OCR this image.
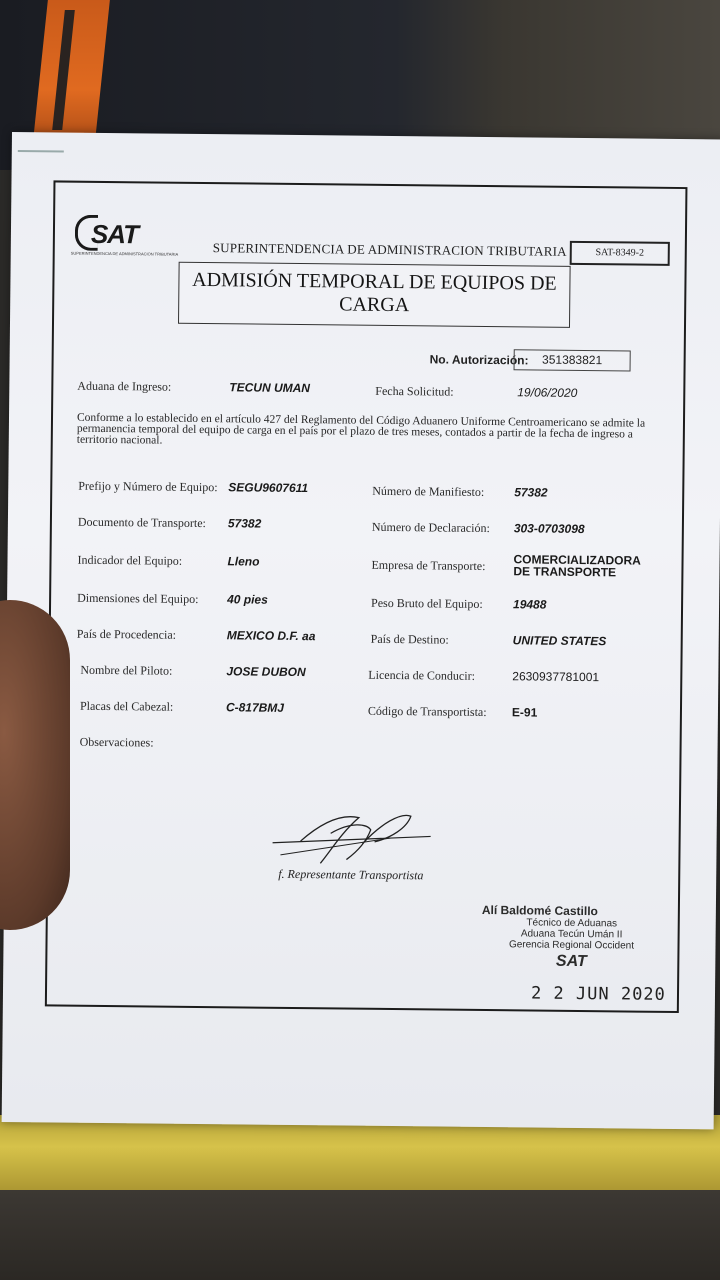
SAT
SUPERINTENDENCIA DE ADMINISTRACION TRIBUTARIA	SUPERINTENDENCIA DE ADMINISTRACION TRIBUTARIA	SAT-8349-2
ADMISIÓN TEMPORAL DE EQUIPOS DE
CARGA
No. Autorización:	351383821
Aduana de Ingreso:	TECUN UMAN	Fecha Solicitud:	19/06/2020
Conforme a lo establecido en el artículo 427 del Reglamento del Código Aduanero Uniforme Centroamericano se admite la permanencia temporal del equipo de carga en el país por el plazo de tres meses, contados a partir de la fecha de ingreso a territorio nacional.
Prefijo y Número de Equipo: SEGU9607611	Número de Manifiesto: 57382
Documento de Transporte: 57382	Número de Declaración: 303-0703098
Indicador del Equipo:	Lleno	Empresa de Transporte: COMERCIALIZADORA
DE TRANSPORTE
Dimensiones del Equipo: 40 pies	Peso Bruto del Equipo:	19488
País de Procedencia:	MEXICO D.F. aa	País de Destino:	UNITED STATES
Nombre del Piloto:	JOSE DUBON	Licencia de Conducir:	2630937781001
Placas del Cabezal:	C-817BMJ	Código de Transportista: E-91
Observaciones:
f. Representante Transportista
Alí Baldomé Castillo
Técnico de Aduanas
Aduana Tecún Umán II
Gerencia Regional Occident
SAT
2 2 JUN 2020
